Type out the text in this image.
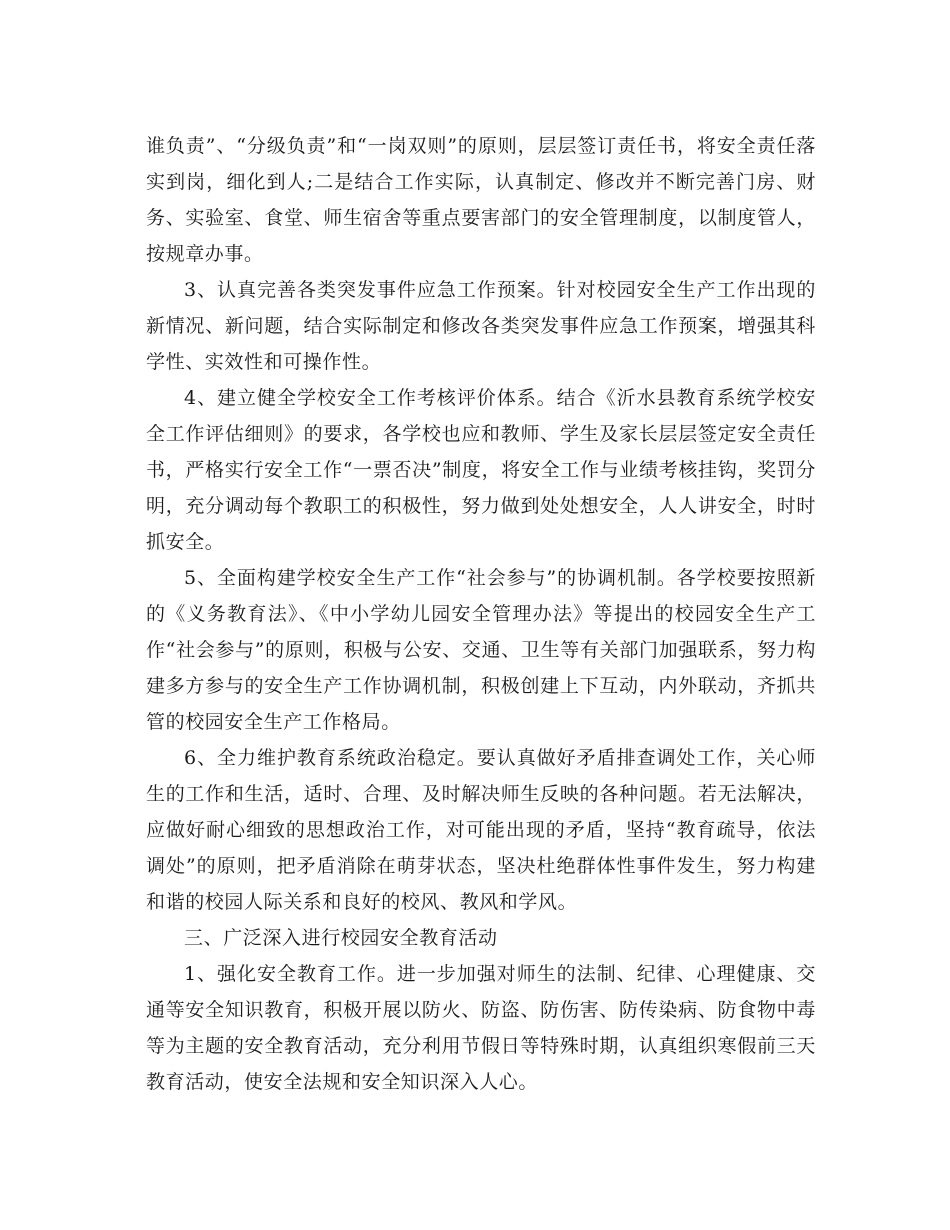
谁负责”、“分级负责”和“一岗双则”的原则，层层签订责任书，将安全责任落实到岗，细化到人;二是结合工作实际，认真制定、修改并不断完善门房、财务、实验室、食堂、师生宿舍等重点要害部门的安全管理制度，以制度管人，按规章办事。

3、认真完善各类突发事件应急工作预案。针对校园安全生产工作出现的新情况、新问题，结合实际制定和修改各类突发事件应急工作预案，增强其科学性、实效性和可操作性。

4、建立健全学校安全工作考核评价体系。结合《沂水县教育系统学校安全工作评估细则》的要求，各学校也应和教师、学生及家长层层签定安全责任书，严格实行安全工作“一票否决”制度，将安全工作与业绩考核挂钩，奖罚分明，充分调动每个教职工的积极性，努力做到处处想安全，人人讲安全，时时抓安全。

5、全面构建学校安全生产工作“社会参与”的协调机制。各学校要按照新的《义务教育法》、《中小学幼儿园安全管理办法》等提出的校园安全生产工作“社会参与”的原则，积极与公安、交通、卫生等有关部门加强联系，努力构建多方参与的安全生产工作协调机制，积极创建上下互动，内外联动，齐抓共管的校园安全生产工作格局。

6、全力维护教育系统政治稳定。要认真做好矛盾排查调处工作，关心师生的工作和生活，适时、合理、及时解决师生反映的各种问题。若无法解决，应做好耐心细致的思想政治工作，对可能出现的矛盾，坚持“教育疏导，依法调处”的原则，把矛盾消除在萌芽状态，坚决杜绝群体性事件发生，努力构建和谐的校园人际关系和良好的校风、教风和学风。

三、广泛深入进行校园安全教育活动

1、强化安全教育工作。进一步加强对师生的法制、纪律、心理健康、交通等安全知识教育，积极开展以防火、防盗、防伤害、防传染病、防食物中毒等为主题的安全教育活动，充分利用节假日等特殊时期，认真组织寒假前三天教育活动，使安全法规和安全知识深入人心。
